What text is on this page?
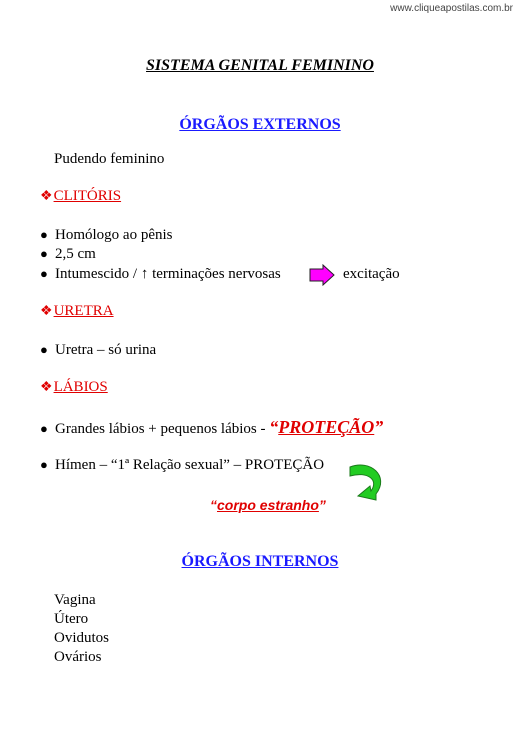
www.cliqueapostilas.com.br
SISTEMA GENITAL FEMININO
ÓRGÃOS EXTERNOS
Pudendo feminino
❖CLITÓRIS
● Homólogo ao pênis
● 2,5 cm
● Intumescido / ↑ terminações nervosas	excitação
❖URETRA
● Uretra – só urina
❖LÁBIOS
● Grandes lábios + pequenos lábios - “PROTEÇÃO”
● Hímen – “1ª Relação sexual” – PROTEÇÃO
“corpo estranho”
ÓRGÃOS INTERNOS
Vagina
Útero
Ovidutos
Ovários
